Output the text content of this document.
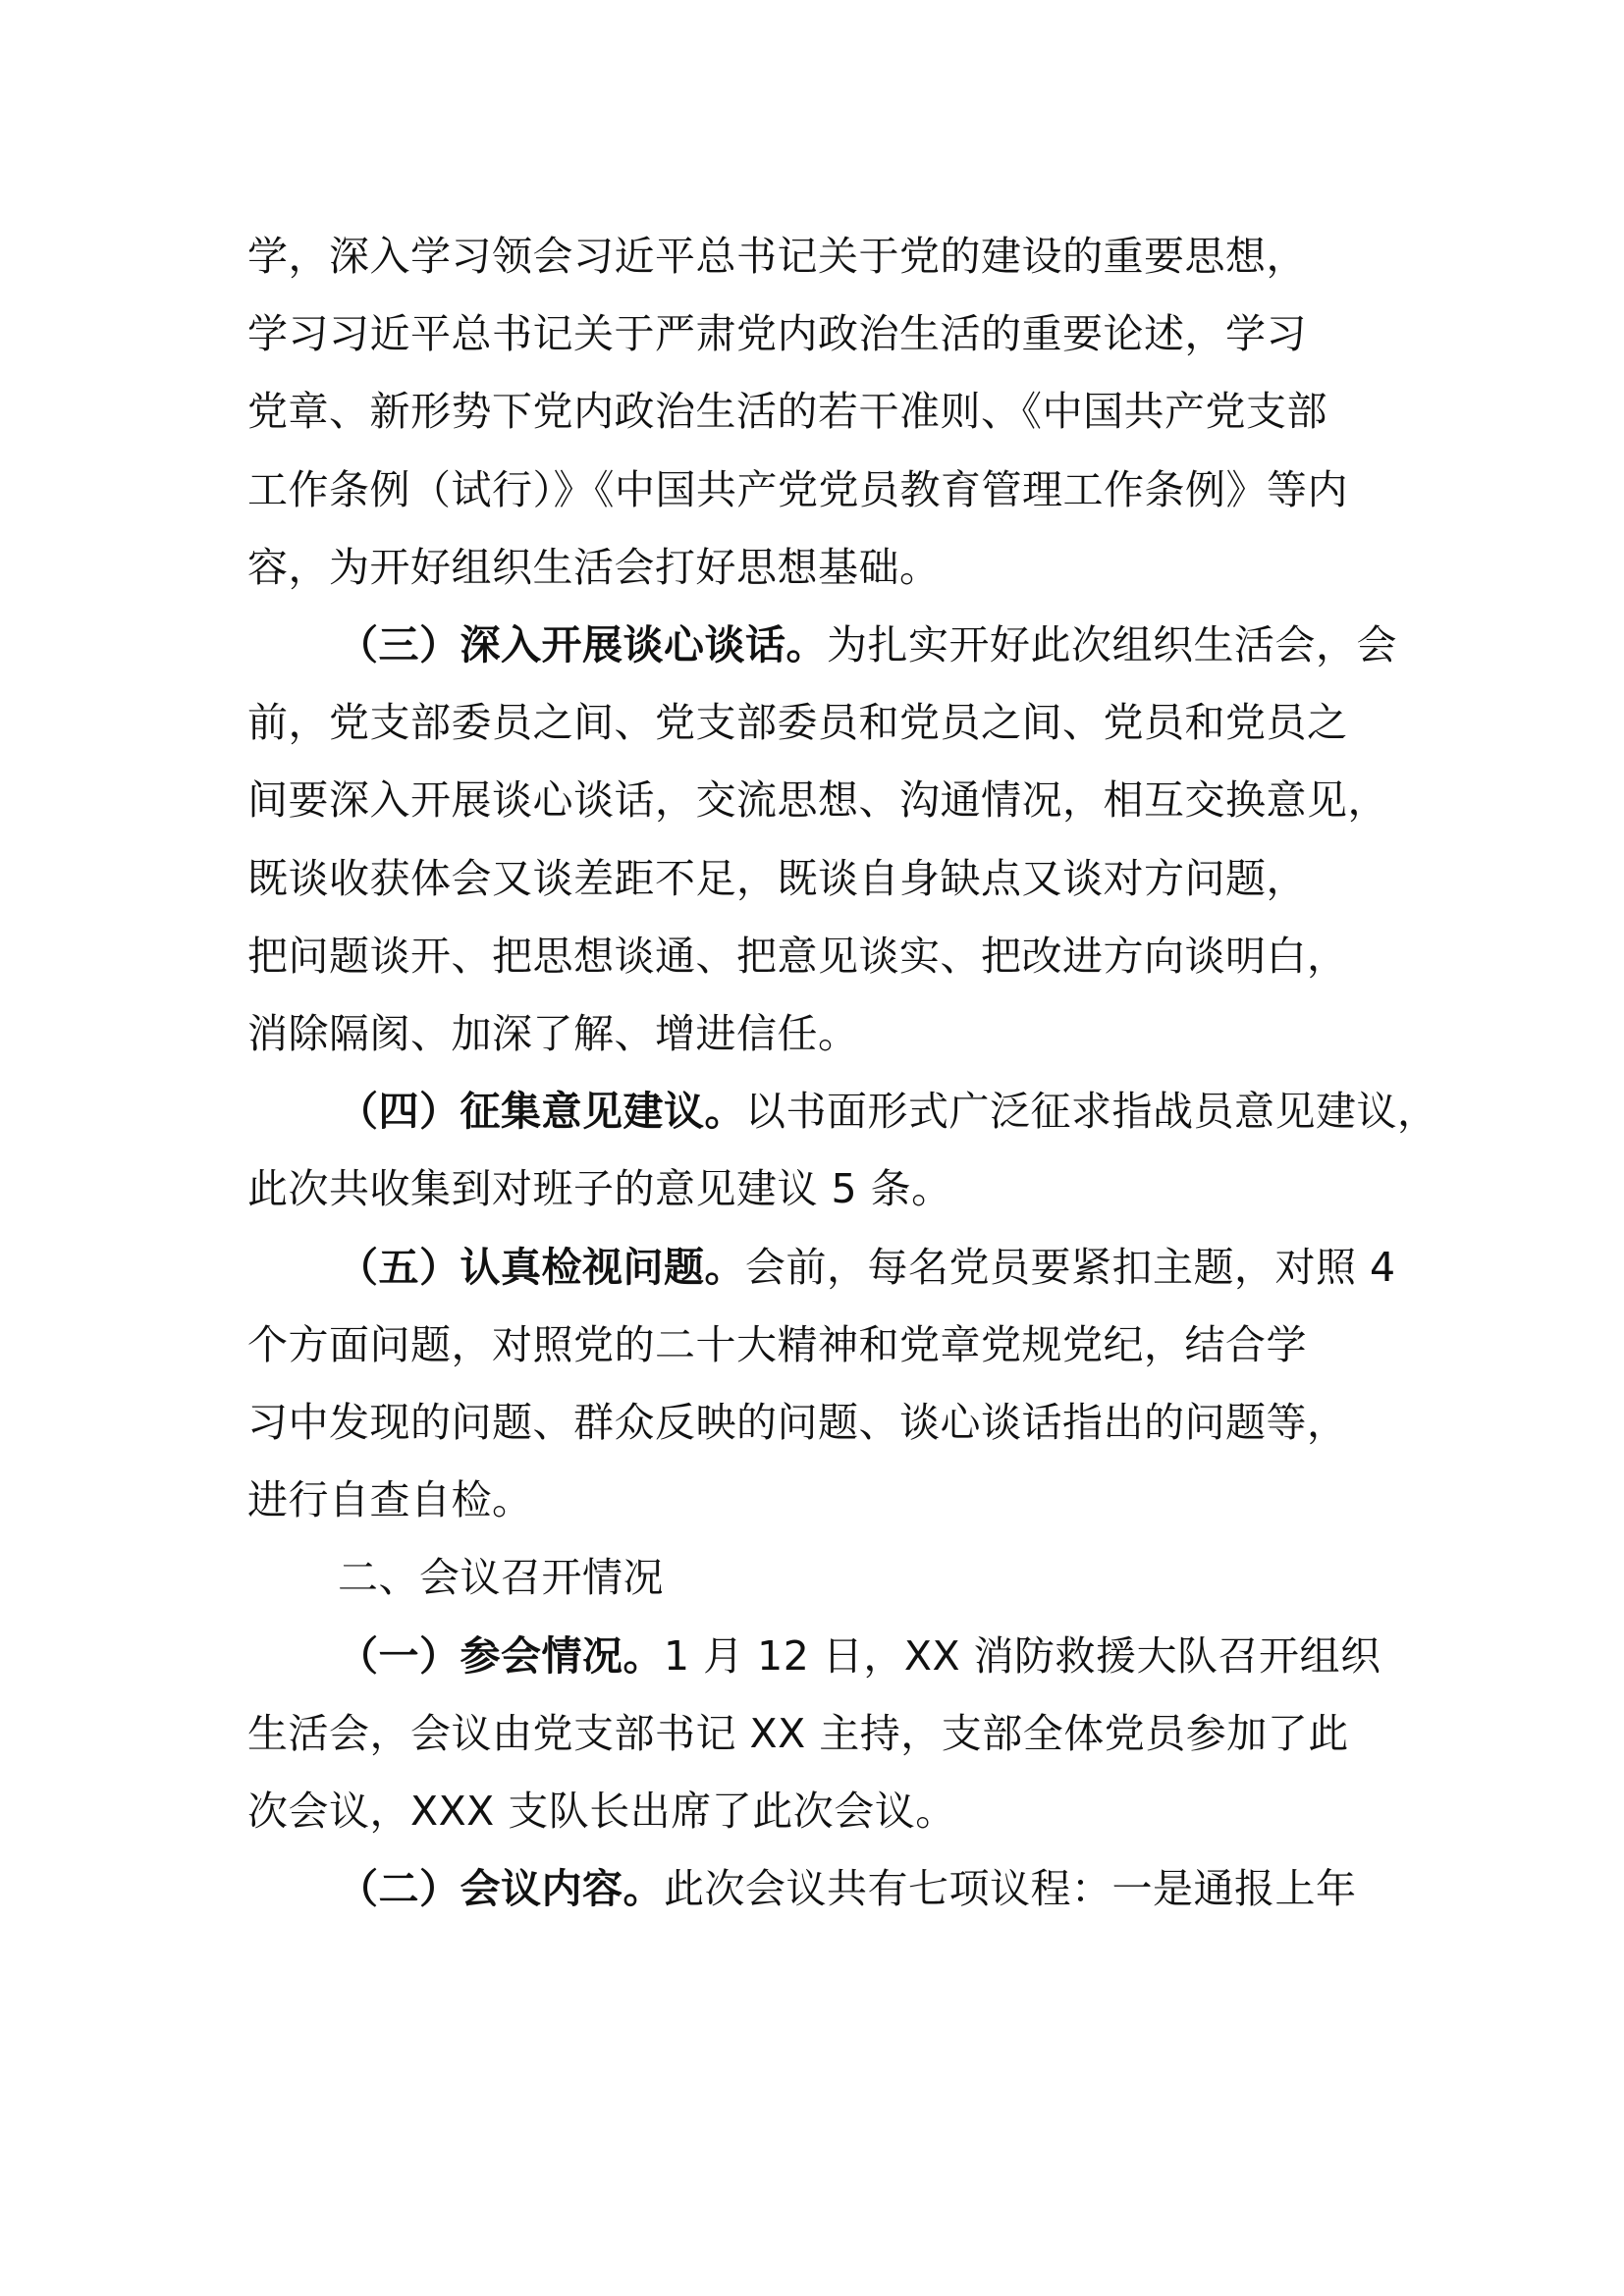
学，深入学习领会习近平总书记关于党的建设的重要思想，
学习习近平总书记关于严肃党内政治生活的重要论述，学习
党章、新形势下党内政治生活的若干准则、《中国共产党支部
工作条例（试行）》《中国共产党党员教育管理工作条例》等内
容，为开好组织生活会打好思想基础。
（三）深入开展谈心谈话。为扎实开好此次组织生活会，会
前，党支部委员之间、党支部委员和党员之间、党员和党员之
间要深入开展谈心谈话，交流思想、沟通情况，相互交换意见，
既谈收获体会又谈差距不足，既谈自身缺点又谈对方问题，
把问题谈开、把思想谈通、把意见谈实、把改进方向谈明白，
消除隔阂、加深了解、增进信任。
（四）征集意见建议。以书面形式广泛征求指战员意见建议，
此次共收集到对班子的意见建议 5 条。
（五）认真检视问题。会前，每名党员要紧扣主题，对照 4
个方面问题，对照党的二十大精神和党章党规党纪，结合学
习中发现的问题、群众反映的问题、谈心谈话指出的问题等，
进行自查自检。
二、会议召开情况
（一）参会情况。1 月 12 日，XX 消防救援大队召开组织
生活会，会议由党支部书记 XX 主持，支部全体党员参加了此
次会议，XXX 支队长出席了此次会议。
（二）会议内容。此次会议共有七项议程：一是通报上年
